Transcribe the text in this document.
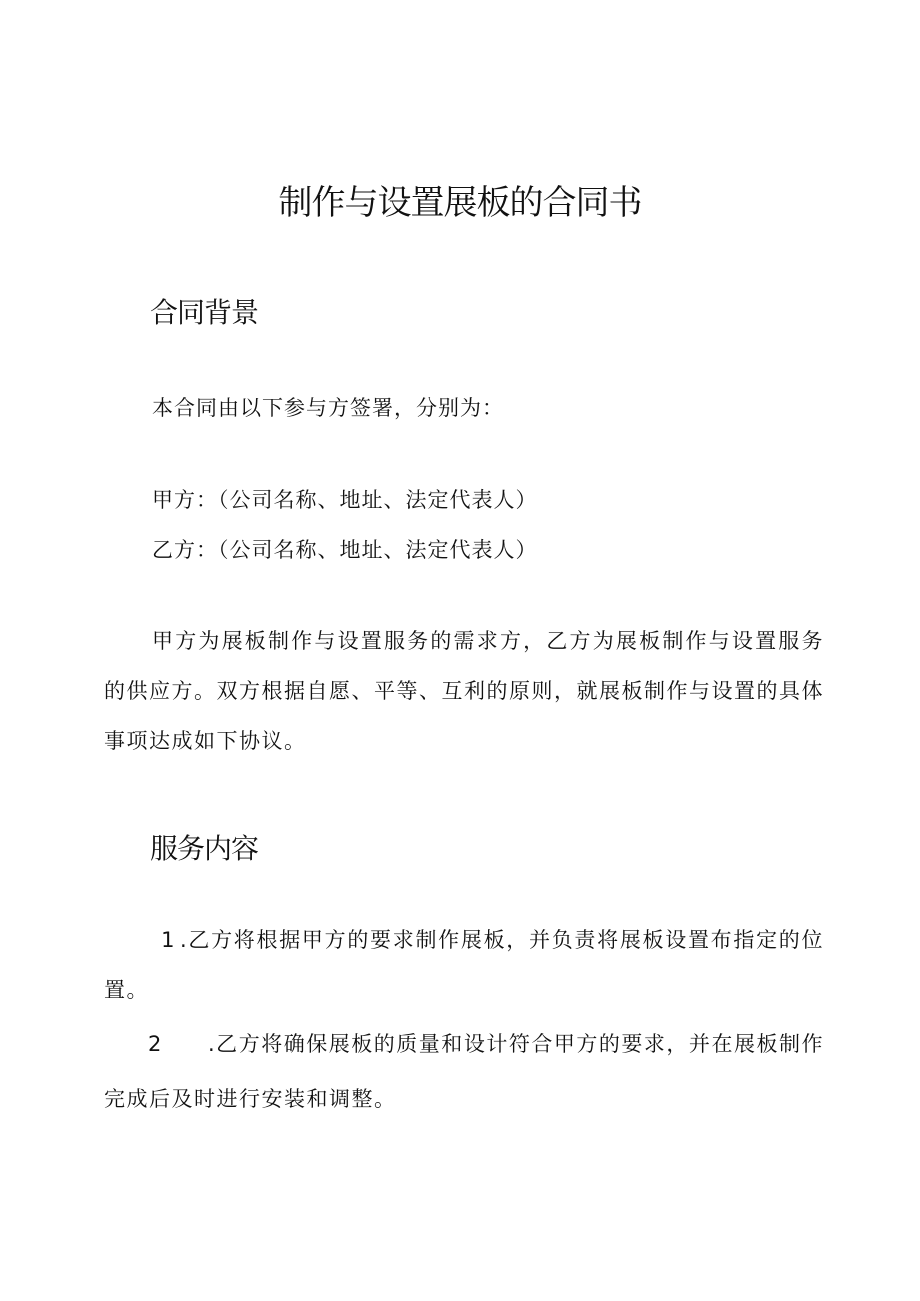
制作与设置展板的合同书
合同背景
本合同由以下参与方签署，分别为：
甲方：（公司名称、地址、法定代表人）
乙方：（公司名称、地址、法定代表人）
甲方为展板制作与设置服务的需求方，乙方为展板制作与设置服务的供应方。双方根据自愿、平等、互利的原则，就展板制作与设置的具体事项达成如下协议。
服务内容
1 .乙方将根据甲方的要求制作展板，并负责将展板设置布指定的位置。
2 .乙方将确保展板的质量和设计符合甲方的要求，并在展板制作完成后及时进行安装和调整。
